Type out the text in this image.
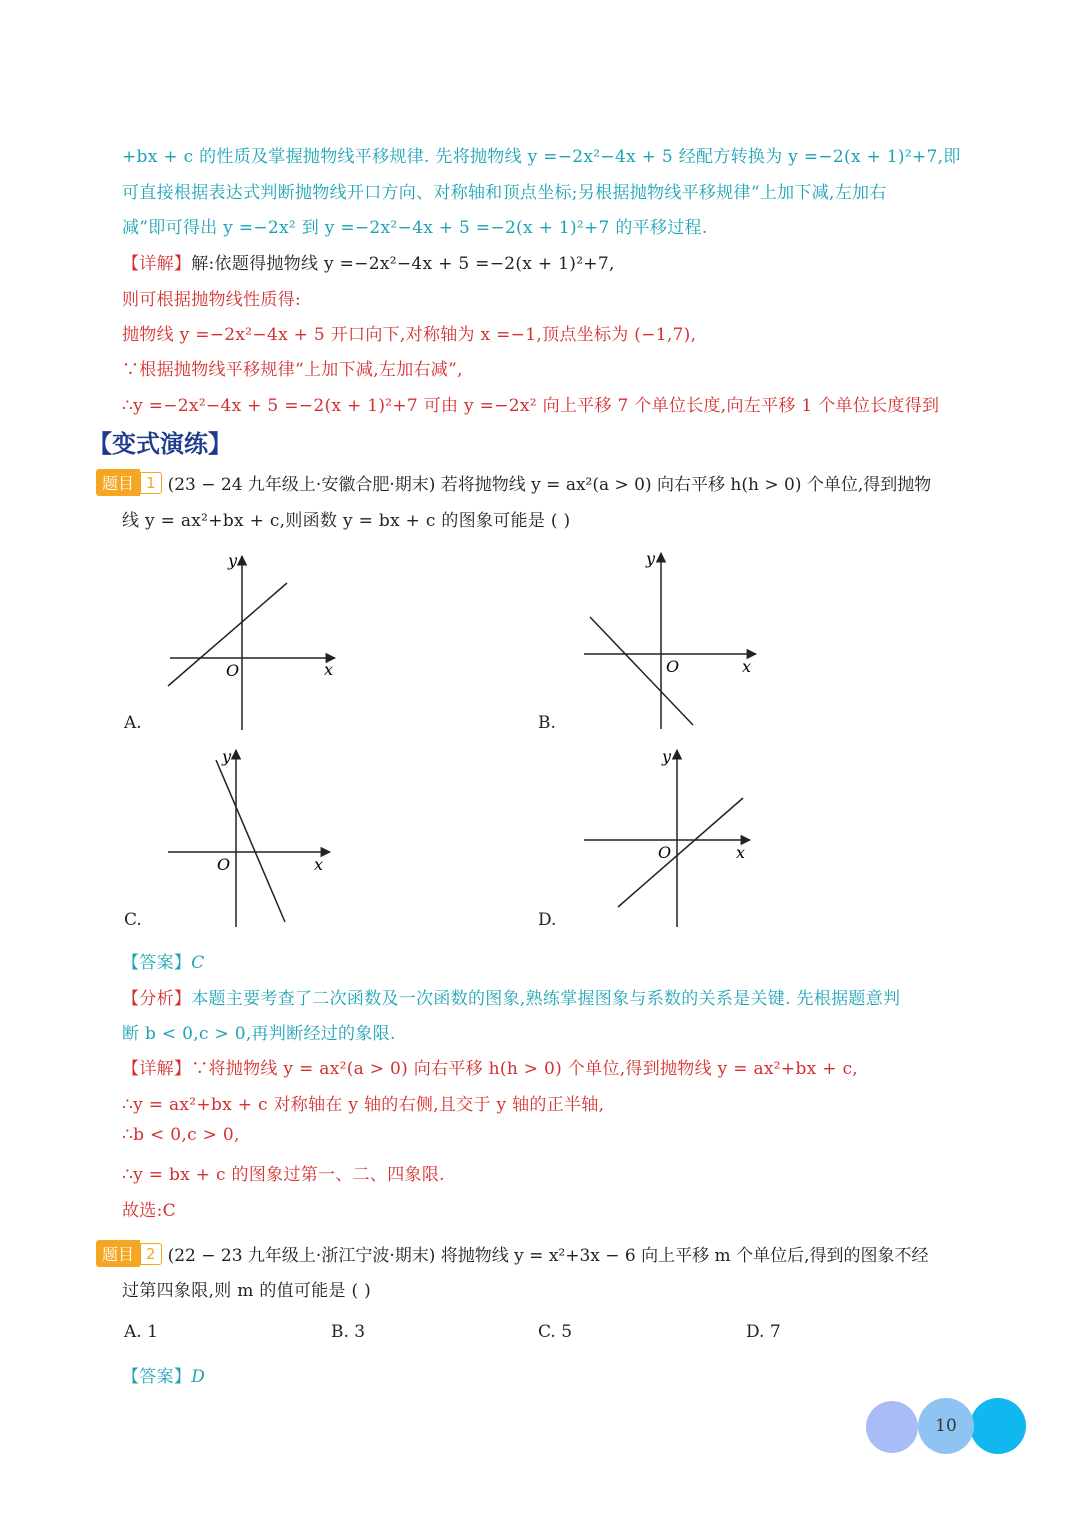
+bx + c 的性质及掌握抛物线平移规律. 先将抛物线 y =−2x²−4x + 5 经配方转换为 y =−2(x + 1)²+7,即
可直接根据表达式判断抛物线开口方向、对称轴和顶点坐标;另根据抛物线平移规律“上加下减,左加右
减”即可得出 y =−2x² 到 y =−2x²−4x + 5 =−2(x + 1)²+7 的平移过程.
【详解】解:依题得抛物线 y =−2x²−4x + 5 =−2(x + 1)²+7,
则可根据抛物线性质得:
抛物线 y =−2x²−4x + 5 开口向下,对称轴为 x =−1,顶点坐标为 (−1,7),
∵根据抛物线平移规律“上加下减,左加右减”,
∴y =−2x²−4x + 5 =−2(x + 1)²+7 可由 y =−2x² 向上平移 7 个单位长度,向左平移 1 个单位长度得到
【变式演练】
题目 1 (23 − 24 九年级上·安徽合肥·期末) 若将抛物线 y = ax²(a > 0) 向右平移 h(h > 0) 个单位,得到抛物
线 y = ax²+bx + c,则函数 y = bx + c 的图象可能是 ( )
y
x
O
A.
y
x
O
B.
y
x
O
C.
y
x
O
D.
【答案】C
【分析】本题主要考查了二次函数及一次函数的图象,熟练掌握图象与系数的关系是关键. 先根据题意判
断 b < 0,c > 0,再判断经过的象限.
【详解】∵将抛物线 y = ax²(a > 0) 向右平移 h(h > 0) 个单位,得到抛物线 y = ax²+bx + c,
∴y = ax²+bx + c 对称轴在 y 轴的右侧,且交于 y 轴的正半轴,
∴b < 0,c > 0,
∴y = bx + c 的图象过第一、二、四象限.
故选:C
题目 2 (22 − 23 九年级上·浙江宁波·期末) 将抛物线 y = x²+3x − 6 向上平移 m 个单位后,得到的图象不经
过第四象限,则 m 的值可能是 ( )
A. 1	B. 3	C. 5	D. 7
【答案】D
10
